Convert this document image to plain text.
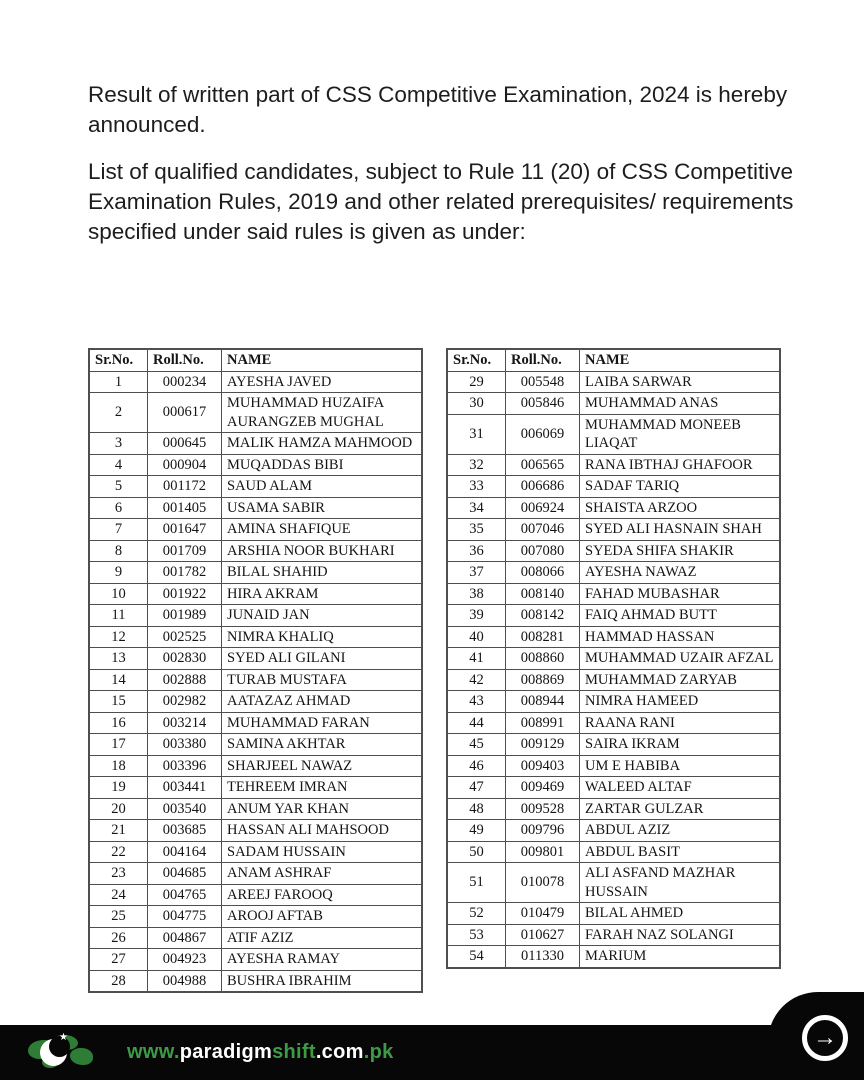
Result of written part of CSS Competitive Examination, 2024 is hereby announced.

List of qualified candidates, subject to Rule 11 (20) of CSS Competitive Examination Rules, 2019 and other related prerequisites/ requirements specified under said rules is given as under:

Sr.No.	Roll.No.	NAME
1	000234	AYESHA JAVED
2	000617	MUHAMMAD HUZAIFA AURANGZEB MUGHAL
3	000645	MALIK HAMZA MAHMOOD
4	000904	MUQADDAS BIBI
5	001172	SAUD ALAM
6	001405	USAMA SABIR
7	001647	AMINA SHAFIQUE
8	001709	ARSHIA NOOR BUKHARI
9	001782	BILAL SHAHID
10	001922	HIRA AKRAM
11	001989	JUNAID JAN
12	002525	NIMRA KHALIQ
13	002830	SYED ALI GILANI
14	002888	TURAB MUSTAFA
15	002982	AATAZAZ AHMAD
16	003214	MUHAMMAD FARAN
17	003380	SAMINA AKHTAR
18	003396	SHARJEEL NAWAZ
19	003441	TEHREEM IMRAN
20	003540	ANUM YAR KHAN
21	003685	HASSAN ALI MAHSOOD
22	004164	SADAM HUSSAIN
23	004685	ANAM ASHRAF
24	004765	AREEJ FAROOQ
25	004775	AROOJ AFTAB
26	004867	ATIF AZIZ
27	004923	AYESHA RAMAY
28	004988	BUSHRA IBRAHIM
Sr.No.	Roll.No.	NAME
29	005548	LAIBA SARWAR
30	005846	MUHAMMAD ANAS
31	006069	MUHAMMAD MONEEB LIAQAT
32	006565	RANA IBTHAJ GHAFOOR
33	006686	SADAF TARIQ
34	006924	SHAISTA ARZOO
35	007046	SYED ALI HASNAIN SHAH
36	007080	SYEDA SHIFA SHAKIR
37	008066	AYESHA NAWAZ
38	008140	FAHAD MUBASHAR
39	008142	FAIQ AHMAD BUTT
40	008281	HAMMAD HASSAN
41	008860	MUHAMMAD UZAIR AFZAL
42	008869	MUHAMMAD ZARYAB
43	008944	NIMRA HAMEED
44	008991	RAANA RANI
45	009129	SAIRA IKRAM
46	009403	UM E HABIBA
47	009469	WALEED ALTAF
48	009528	ZARTAR GULZAR
49	009796	ABDUL AZIZ
50	009801	ABDUL BASIT
51	010078	ALI ASFAND MAZHAR HUSSAIN
52	010479	BILAL AHMED
53	010627	FARAH NAZ SOLANGI
54	011330	MARIUM
★
www. paradigm shift .com .pk
→
